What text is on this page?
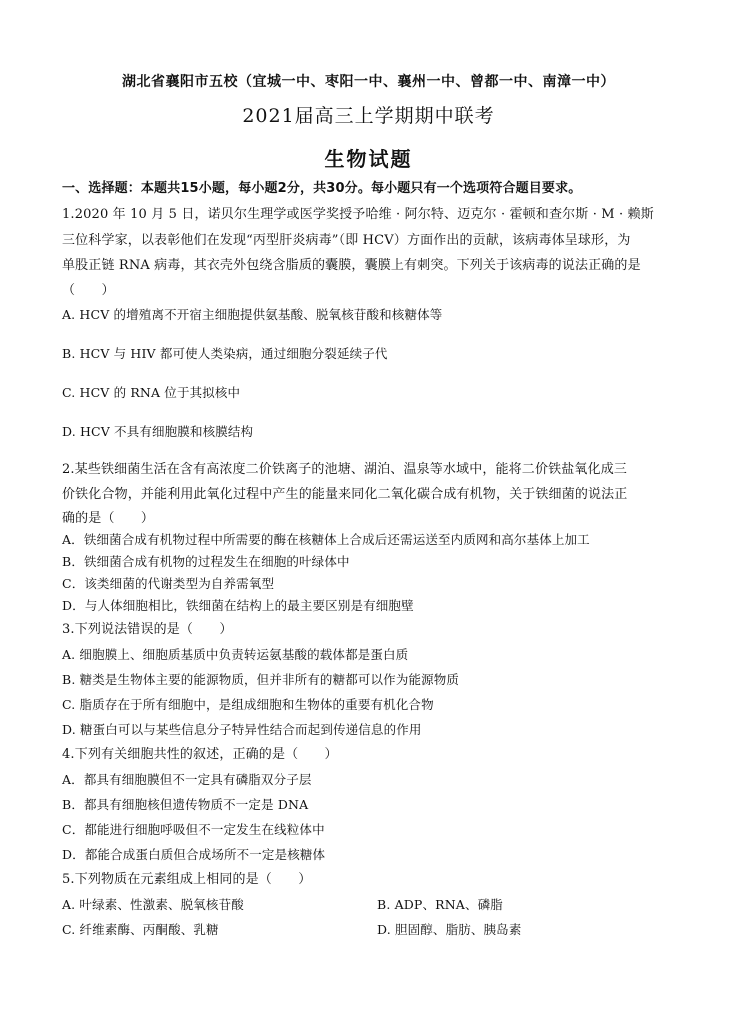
湖北省襄阳市五校（宜城一中、枣阳一中、襄州一中、曾都一中、南漳一中）
2021届高三上学期期中联考
生物试题
一、选择题：本题共15小题，每小题2分，共30分。每小题只有一个选项符合题目要求。
1.2020 年 10 月 5 日，诺贝尔生理学或医学奖授予哈维 · 阿尔特、迈克尔 · 霍顿和查尔斯 · M · 赖斯
三位科学家，以表彰他们在发现“丙型肝炎病毒”（即 HCV）方面作出的贡献，该病毒体呈球形，为
单股正链 RNA 病毒，其衣壳外包绕含脂质的囊膜，囊膜上有刺突。下列关于该病毒的说法正确的是
（　　）
A. HCV 的增殖离不开宿主细胞提供氨基酸、脱氧核苷酸和核糖体等
B. HCV 与 HIV 都可使人类染病，通过细胞分裂延续子代
C. HCV 的 RNA 位于其拟核中
D. HCV 不具有细胞膜和核膜结构
2.某些铁细菌生活在含有高浓度二价铁离子的池塘、湖泊、温泉等水域中，能将二价铁盐氧化成三
价铁化合物，并能利用此氧化过程中产生的能量来同化二氧化碳合成有机物，关于铁细菌的说法正
确的是（　　）
A．铁细菌合成有机物过程中所需要的酶在核糖体上合成后还需运送至内质网和高尔基体上加工
B．铁细菌合成有机物的过程发生在细胞的叶绿体中
C．该类细菌的代谢类型为自养需氧型
D．与人体细胞相比，铁细菌在结构上的最主要区别是有细胞壁
3.下列说法错误的是（　　）
A. 细胞膜上、细胞质基质中负责转运氨基酸的载体都是蛋白质
B. 糖类是生物体主要的能源物质，但并非所有的糖都可以作为能源物质
C. 脂质存在于所有细胞中，是组成细胞和生物体的重要有机化合物
D. 糖蛋白可以与某些信息分子特异性结合而起到传递信息的作用
4.下列有关细胞共性的叙述，正确的是（　　）
A．都具有细胞膜但不一定具有磷脂双分子层
B．都具有细胞核但遗传物质不一定是 DNA
C．都能进行细胞呼吸但不一定发生在线粒体中
D．都能合成蛋白质但合成场所不一定是核糖体
5.下列物质在元素组成上相同的是（　　）
A. 叶绿素、性激素、脱氧核苷酸	B. ADP、RNA、磷脂
C. 纤维素酶、丙酮酸、乳糖	D. 胆固醇、脂肪、胰岛素
